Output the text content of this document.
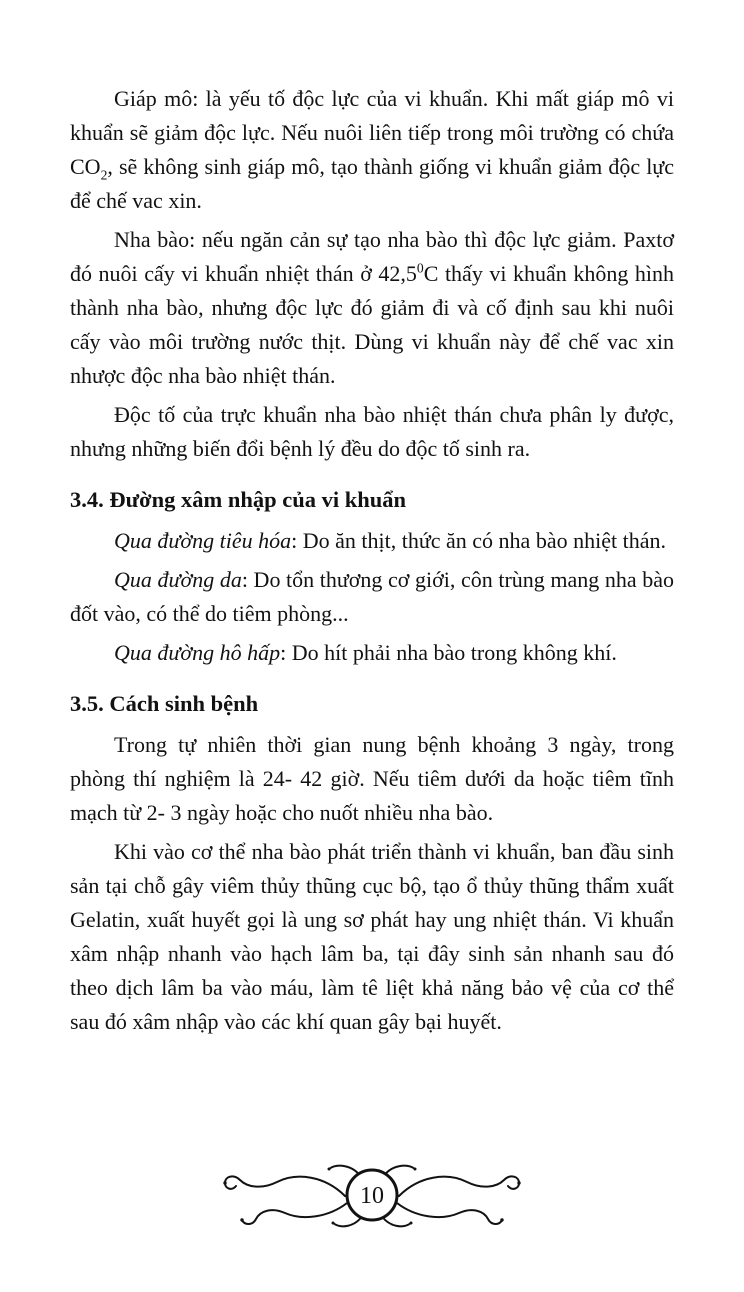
Giáp mô: là yếu tố độc lực của vi khuẩn. Khi mất giáp mô vi khuẩn sẽ giảm độc lực. Nếu nuôi liên tiếp trong môi trường có chứa $CO_2$, sẽ không sinh giáp mô, tạo thành giống vi khuẩn giảm độc lực để chế vac xin.

Nha bào: nếu ngăn cản sự tạo nha bào thì độc lực giảm. Paxtơ đó nuôi cấy vi khuẩn nhiệt thán ở 42,5$^0$C thấy vi khuẩn không hình thành nha bào, nhưng độc lực đó giảm đi và cố định sau khi nuôi cấy vào môi trường nước thịt. Dùng vi khuẩn này để chế vac xin nhược độc nha bào nhiệt thán.

Độc tố của trực khuẩn nha bào nhiệt thán chưa phân ly được, nhưng những biến đổi bệnh lý đều do độc tố sinh ra.

3.4. Đường xâm nhập của vi khuẩn

Qua đường tiêu hóa: Do ăn thịt, thức ăn có nha bào nhiệt thán.

Qua đường da: Do tổn thương cơ giới, côn trùng mang nha bào đốt vào, có thể do tiêm phòng...

Qua đường hô hấp: Do hít phải nha bào trong không khí.

3.5. Cách sinh bệnh

Trong tự nhiên thời gian nung bệnh khoảng 3 ngày, trong phòng thí nghiệm là 24- 42 giờ. Nếu tiêm dưới da hoặc tiêm tĩnh mạch từ 2- 3 ngày hoặc cho nuốt nhiều nha bào.

Khi vào cơ thể nha bào phát triển thành vi khuẩn, ban đầu sinh sản tại chỗ gây viêm thủy thũng cục bộ, tạo ổ thủy thũng thẩm xuất Gelatin, xuất huyết gọi là ung sơ phát hay ung nhiệt thán. Vi khuẩn xâm nhập nhanh vào hạch lâm ba, tại đây sinh sản nhanh sau đó theo dịch lâm ba vào máu, làm tê liệt khả năng bảo vệ của cơ thể sau đó xâm nhập vào các khí quan gây bại huyết.

10
